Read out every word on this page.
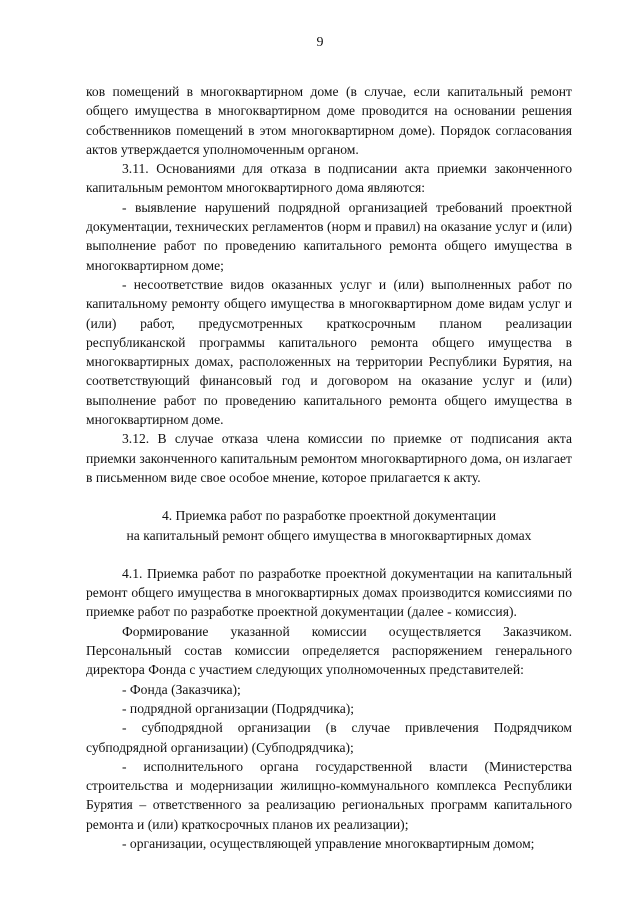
9

ков помещений в многоквартирном доме (в случае, если капитальный ремонт общего имущества в многоквартирном доме проводится на основании решения собственников помещений в этом многоквартирном доме). Порядок согласования актов утверждается уполномоченным органом.

3.11. Основаниями для отказа в подписании акта приемки законченного капитальным ремонтом многоквартирного дома являются:

- выявление нарушений подрядной организацией требований проектной документации, технических регламентов (норм и правил) на оказание услуг и (или) выполнение работ по проведению капитального ремонта общего имущества в многоквартирном доме;

- несоответствие видов оказанных услуг и (или) выполненных работ по капитальному ремонту общего имущества в многоквартирном доме видам услуг и (или) работ, предусмотренных краткосрочным планом реализации республиканской программы капитального ремонта общего имущества в многоквартирных домах, расположенных на территории Республики Бурятия, на соответствующий финансовый год и договором на оказание услуг и (или) выполнение работ по проведению капитального ремонта общего имущества в многоквартирном доме.

3.12. В случае отказа члена комиссии по приемке от подписания акта приемки законченного капитальным ремонтом многоквартирного дома, он излагает в письменном виде свое особое мнение, которое прилагается к акту.

4. Приемка работ по разработке проектной документации

на капитальный ремонт общего имущества в многоквартирных домах

4.1. Приемка работ по разработке проектной документации на капитальный ремонт общего имущества в многоквартирных домах производится комиссиями по приемке работ по разработке проектной документации (далее - комиссия).

Формирование указанной комиссии осуществляется Заказчиком. Персональный состав комиссии определяется распоряжением генерального директора Фонда с участием следующих уполномоченных представителей:

- Фонда (Заказчика);

- подрядной организации (Подрядчика);

- субподрядной организации (в случае привлечения Подрядчиком субподрядной организации) (Субподрядчика);

- исполнительного органа государственной власти (Министерства строительства и модернизации жилищно-коммунального комплекса Республики Бурятия – ответственного за реализацию региональных программ капитального ремонта и (или) краткосрочных планов их реализации);

- организации, осуществляющей управление многоквартирным домом;
